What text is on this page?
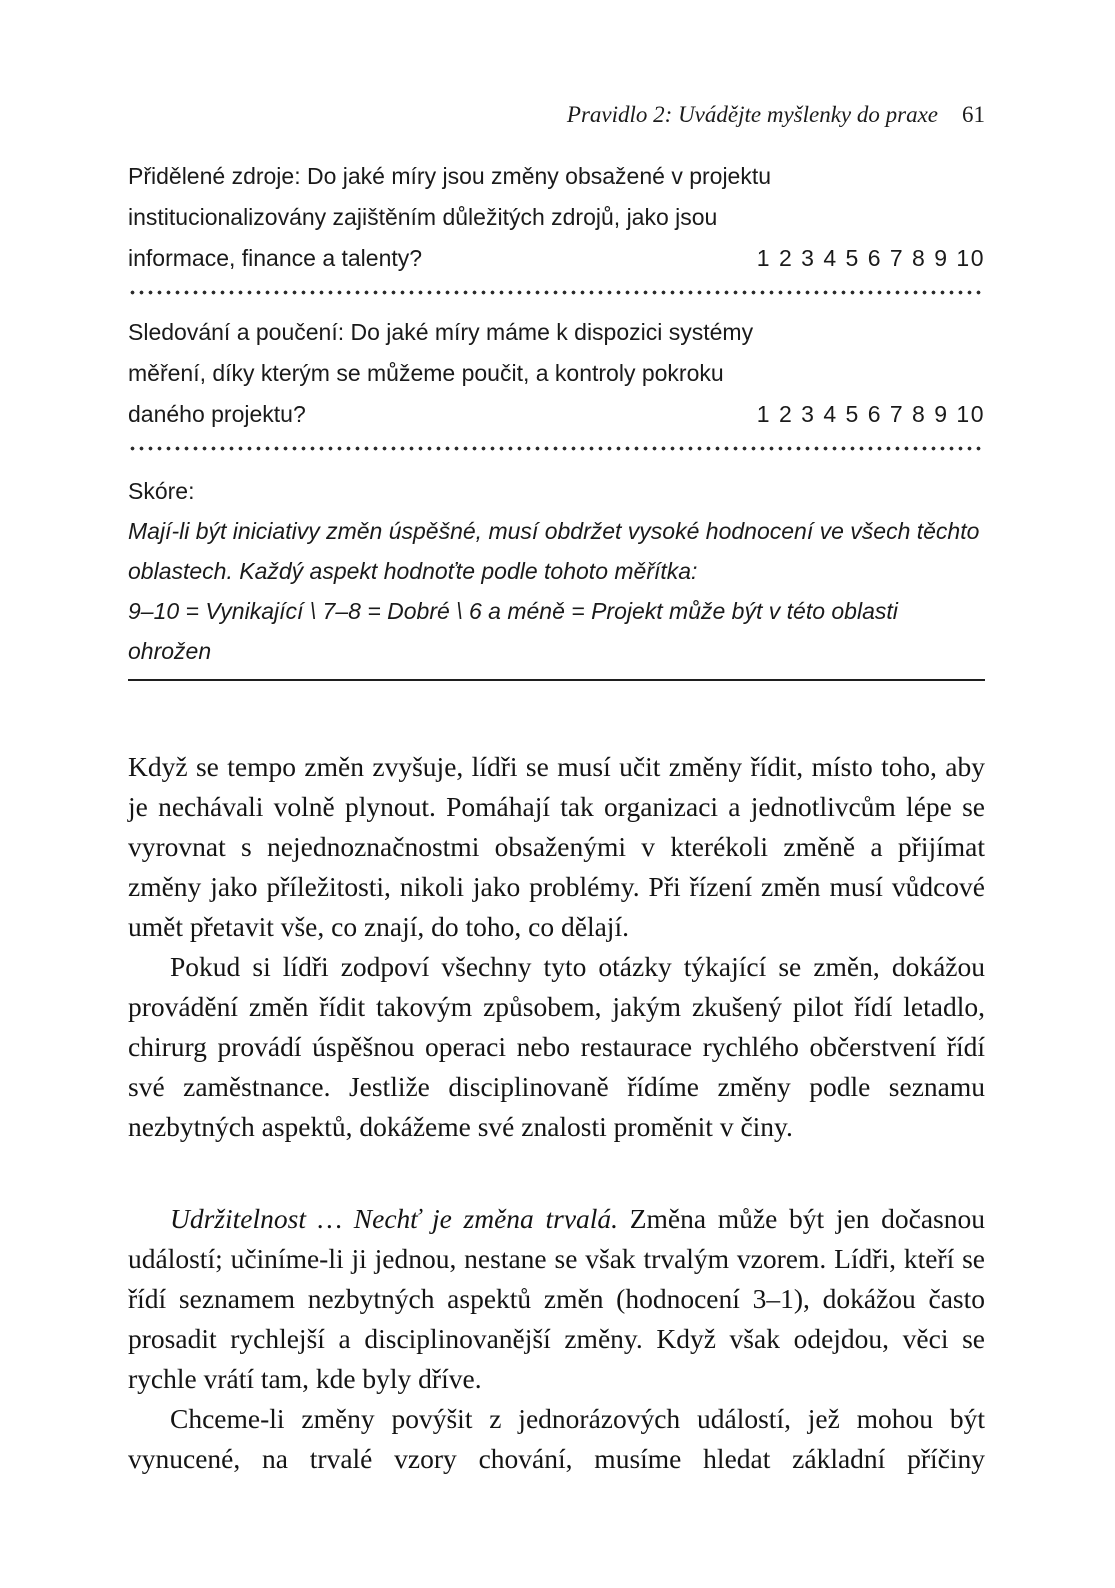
Pravidlo 2: Uvádějte myšlenky do praxe 61
Přidělené zdroje: Do jaké míry jsou změny obsažené v projektu
institucionalizovány zajištěním důležitých zdrojů, jako jsou
informace, finance a talenty?	1 2 3 4 5 6 7 8 9 10
Sledování a poučení: Do jaké míry máme k dispozici systémy
měření, díky kterým se můžeme poučit, a kontroly pokroku
daného projektu?	1 2 3 4 5 6 7 8 9 10
Skóre:
Mají-li být iniciativy změn úspěšné, musí obdržet vysoké hodnocení ve všech těchto
oblastech. Každý aspekt hodnoťte podle tohoto měřítka:
9–10 = Vynikající \ 7–8 = Dobré \ 6 a méně = Projekt může být v této oblasti ohrožen

Když se tempo změn zvyšuje, lídři se musí učit změny řídit, místo toho, aby je nechávali volně plynout. Pomáhají tak organizaci a jednotlivcům lépe se vyrovnat s nejednoznačnostmi obsaženými v kterékoli změně a přijímat změny jako příležitosti, nikoli jako problémy. Při řízení změn musí vůdcové umět přetavit vše, co znají, do toho, co dělají.

Pokud si lídři zodpoví všechny tyto otázky týkající se změn, dokážou provádění změn řídit takovým způsobem, jakým zkušený pilot řídí letadlo, chirurg provádí úspěšnou operaci nebo restaurace rychlého občerstvení řídí své zaměstnance. Jestliže disciplinovaně řídíme změny podle seznamu nezbytných aspektů, dokážeme své znalosti proměnit v činy.

Udržitelnost … Nechť je změna trvalá. Změna může být jen dočasnou událostí; učiníme-li ji jednou, nestane se však trvalým vzorem. Lídři, kteří se řídí seznamem nezbytných aspektů změn (hodnocení 3–1), dokážou často prosadit rychlejší a disciplinovanější změny. Když však odejdou, věci se rychle vrátí tam, kde byly dříve.

Chceme-li změny povýšit z jednorázových událostí, jež mohou být vynucené, na trvalé vzory chování, musíme hledat základní příčiny
